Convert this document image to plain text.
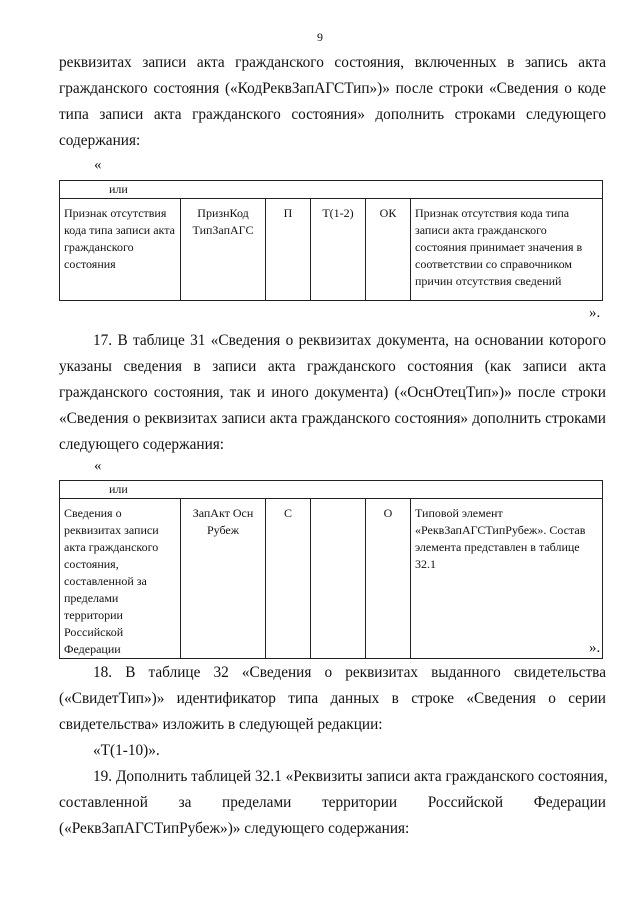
9
реквизитах записи акта гражданского состояния, включенных в запись акта
гражданского состояния («КодРеквЗапАГСТип»)» после строки «Сведения о коде
типа записи акта гражданского состояния» дополнить строками следующего
содержания:
«
или

Признак отсутствия кода типа записи акта гражданского состояния	ПризнКод ТипЗапАГС	П	Т(1-2)	ОК	Признак отсутствия кода типа записи акта гражданского состояния принимает значения в соответствии со справочником причин отсутствия сведений
».
17. В таблице 31 «Сведения о реквизитах документа, на основании которого
указаны сведения в записи акта гражданского состояния (как записи акта
гражданского состояния, так и иного документа) («ОснОтецТип»)» после строки
«Сведения о реквизитах записи акта гражданского состояния» дополнить строками
следующего содержания:
«
или

Сведения о реквизитах записи акта гражданского состояния, составленной за пределами территории Российской Федерации	ЗапАкт Осн Рубеж	С		О	Типовой элемент «РеквЗапАГСТипРубеж». Состав элемента представлен в таблице 32.1
».
18. В таблице 32 «Сведения о реквизитах выданного свидетельства
(«СвидетТип»)» идентификатор типа данных в строке «Сведения о серии
свидетельства» изложить в следующей редакции:
«Т(1-10)».
19. Дополнить таблицей 32.1 «Реквизиты записи акта гражданского состояния,
составленной за пределами территории Российской Федерации
(«РеквЗапАГСТипРубеж»)» следующего содержания:
